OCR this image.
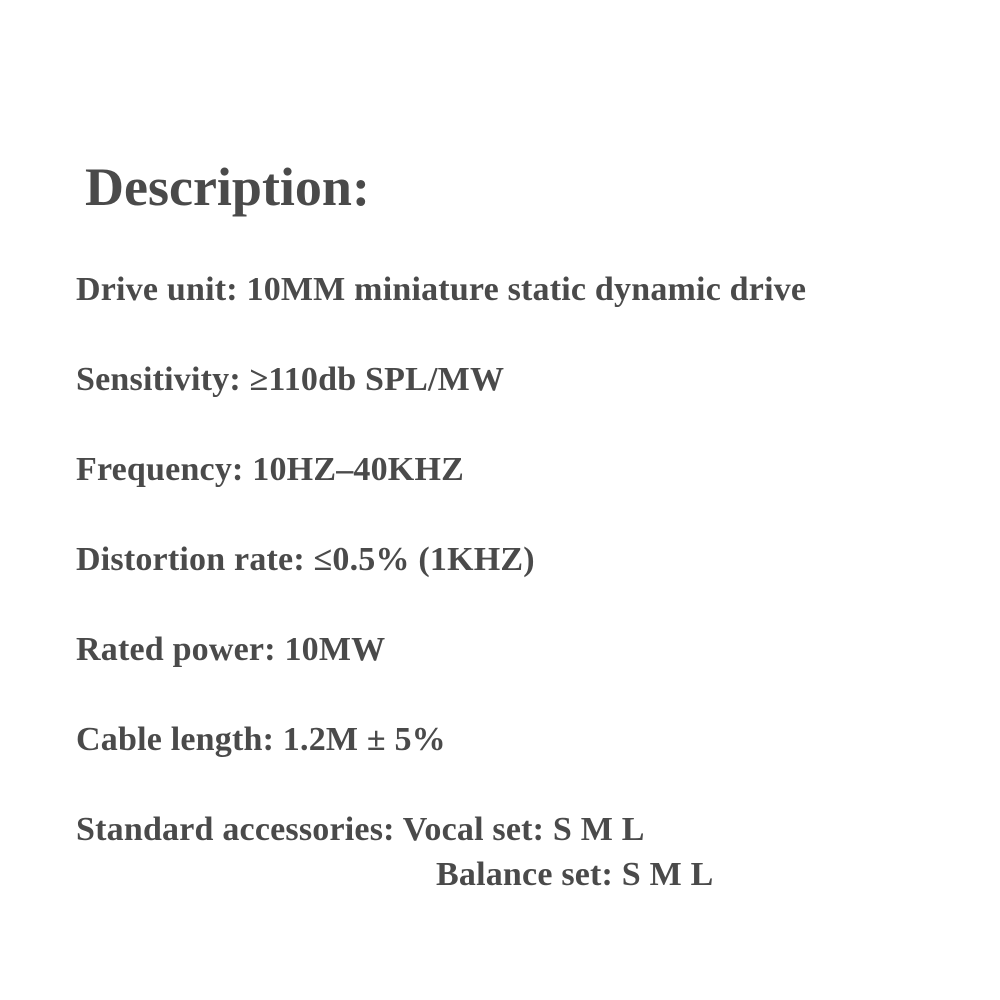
Description:
Drive unit: 10MM miniature static dynamic drive
Sensitivity: ≥110db SPL/MW
Frequency: 10HZ–40KHZ
Distortion rate: ≤0.5% (1KHZ)
Rated power: 10MW
Cable length: 1.2M ± 5%
Standard accessories: Vocal set: S M L
Balance set: S M L
